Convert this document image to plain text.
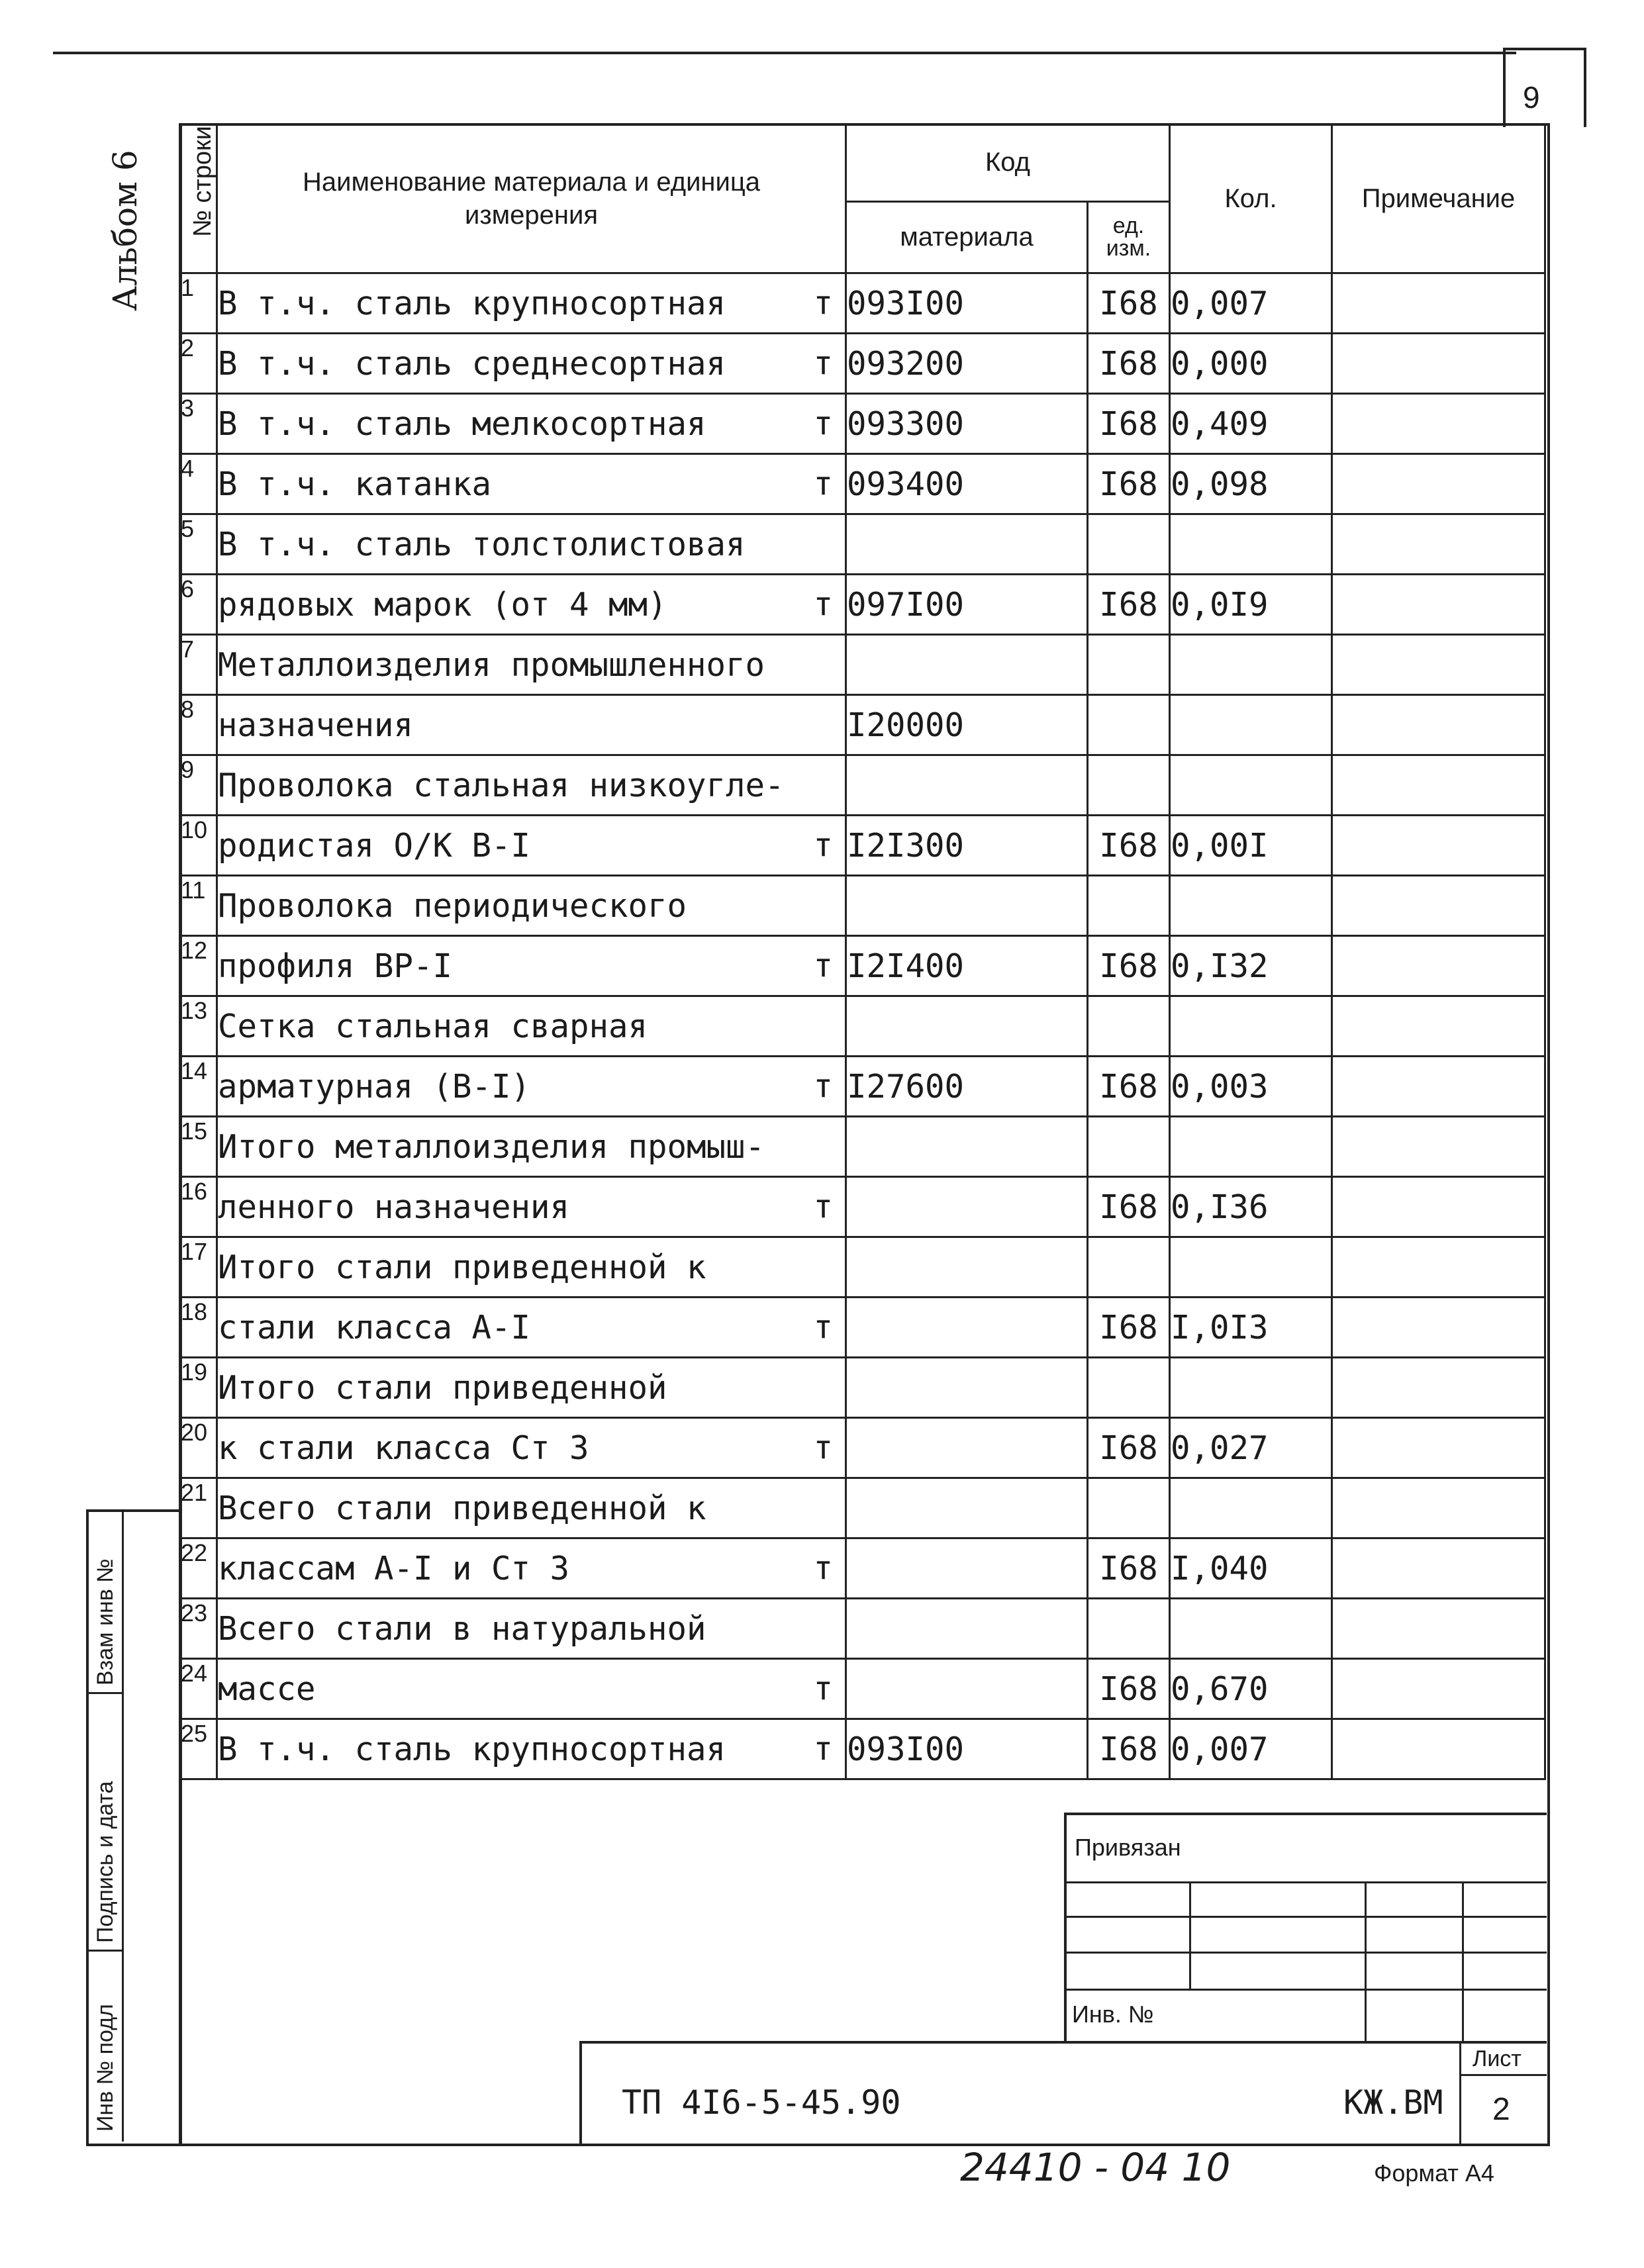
9
Альбом 6
Взам инв №
Подпись и дата
Инв № подл
№ строки	Наименование материала и единица измерения	Код		Кол.	Примечание
		материала	ед. изм.		
1	В т.ч. сталь крупносортная т	093I00	I68	0,007	
2	В т.ч. сталь среднесортная т	093200	I68	0,000	
3	В т.ч. сталь мелкосортная т	093300	I68	0,409	
4	В т.ч. катанка т	093400	I68	0,098	
5	В т.ч. сталь толстолистовая

6	рядовых марок (от 4 мм) т	097I00	I68	0,0I9	
7	Металлоизделия промышленного

8	назначения	I20000			
9	Проволока стальная низкоугле-

10	родистая О/К В-I т	I2I300	I68	0,00I	
11	Проволока периодического

12	профиля ВР-I т	I2I400	I68	0,I32	
13	Сетка стальная сварная

14	арматурная (В-I) т	I27600	I68	0,003	
15	Итого металлоизделия промыш-

16	ленного назначения т		I68	0,I36	
17	Итого стали приведенной к

18	стали класса А-I т		I68	I,0I3	
19	Итого стали приведенной

20	к стали класса Ст 3 т		I68	0,027	
21	Всего стали приведенной к

22	классам А-I и Ст 3 т		I68	I,040	
23	Всего стали в натуральной

24	массе т		I68	0,670	
25	В т.ч. сталь крупносортная т	093I00	I68	0,007	
Привязан
Инв. №
ТП 4I6-5-45.90	КЖ.ВМ
Лист
2
24410 - 04 10	Формат А4
